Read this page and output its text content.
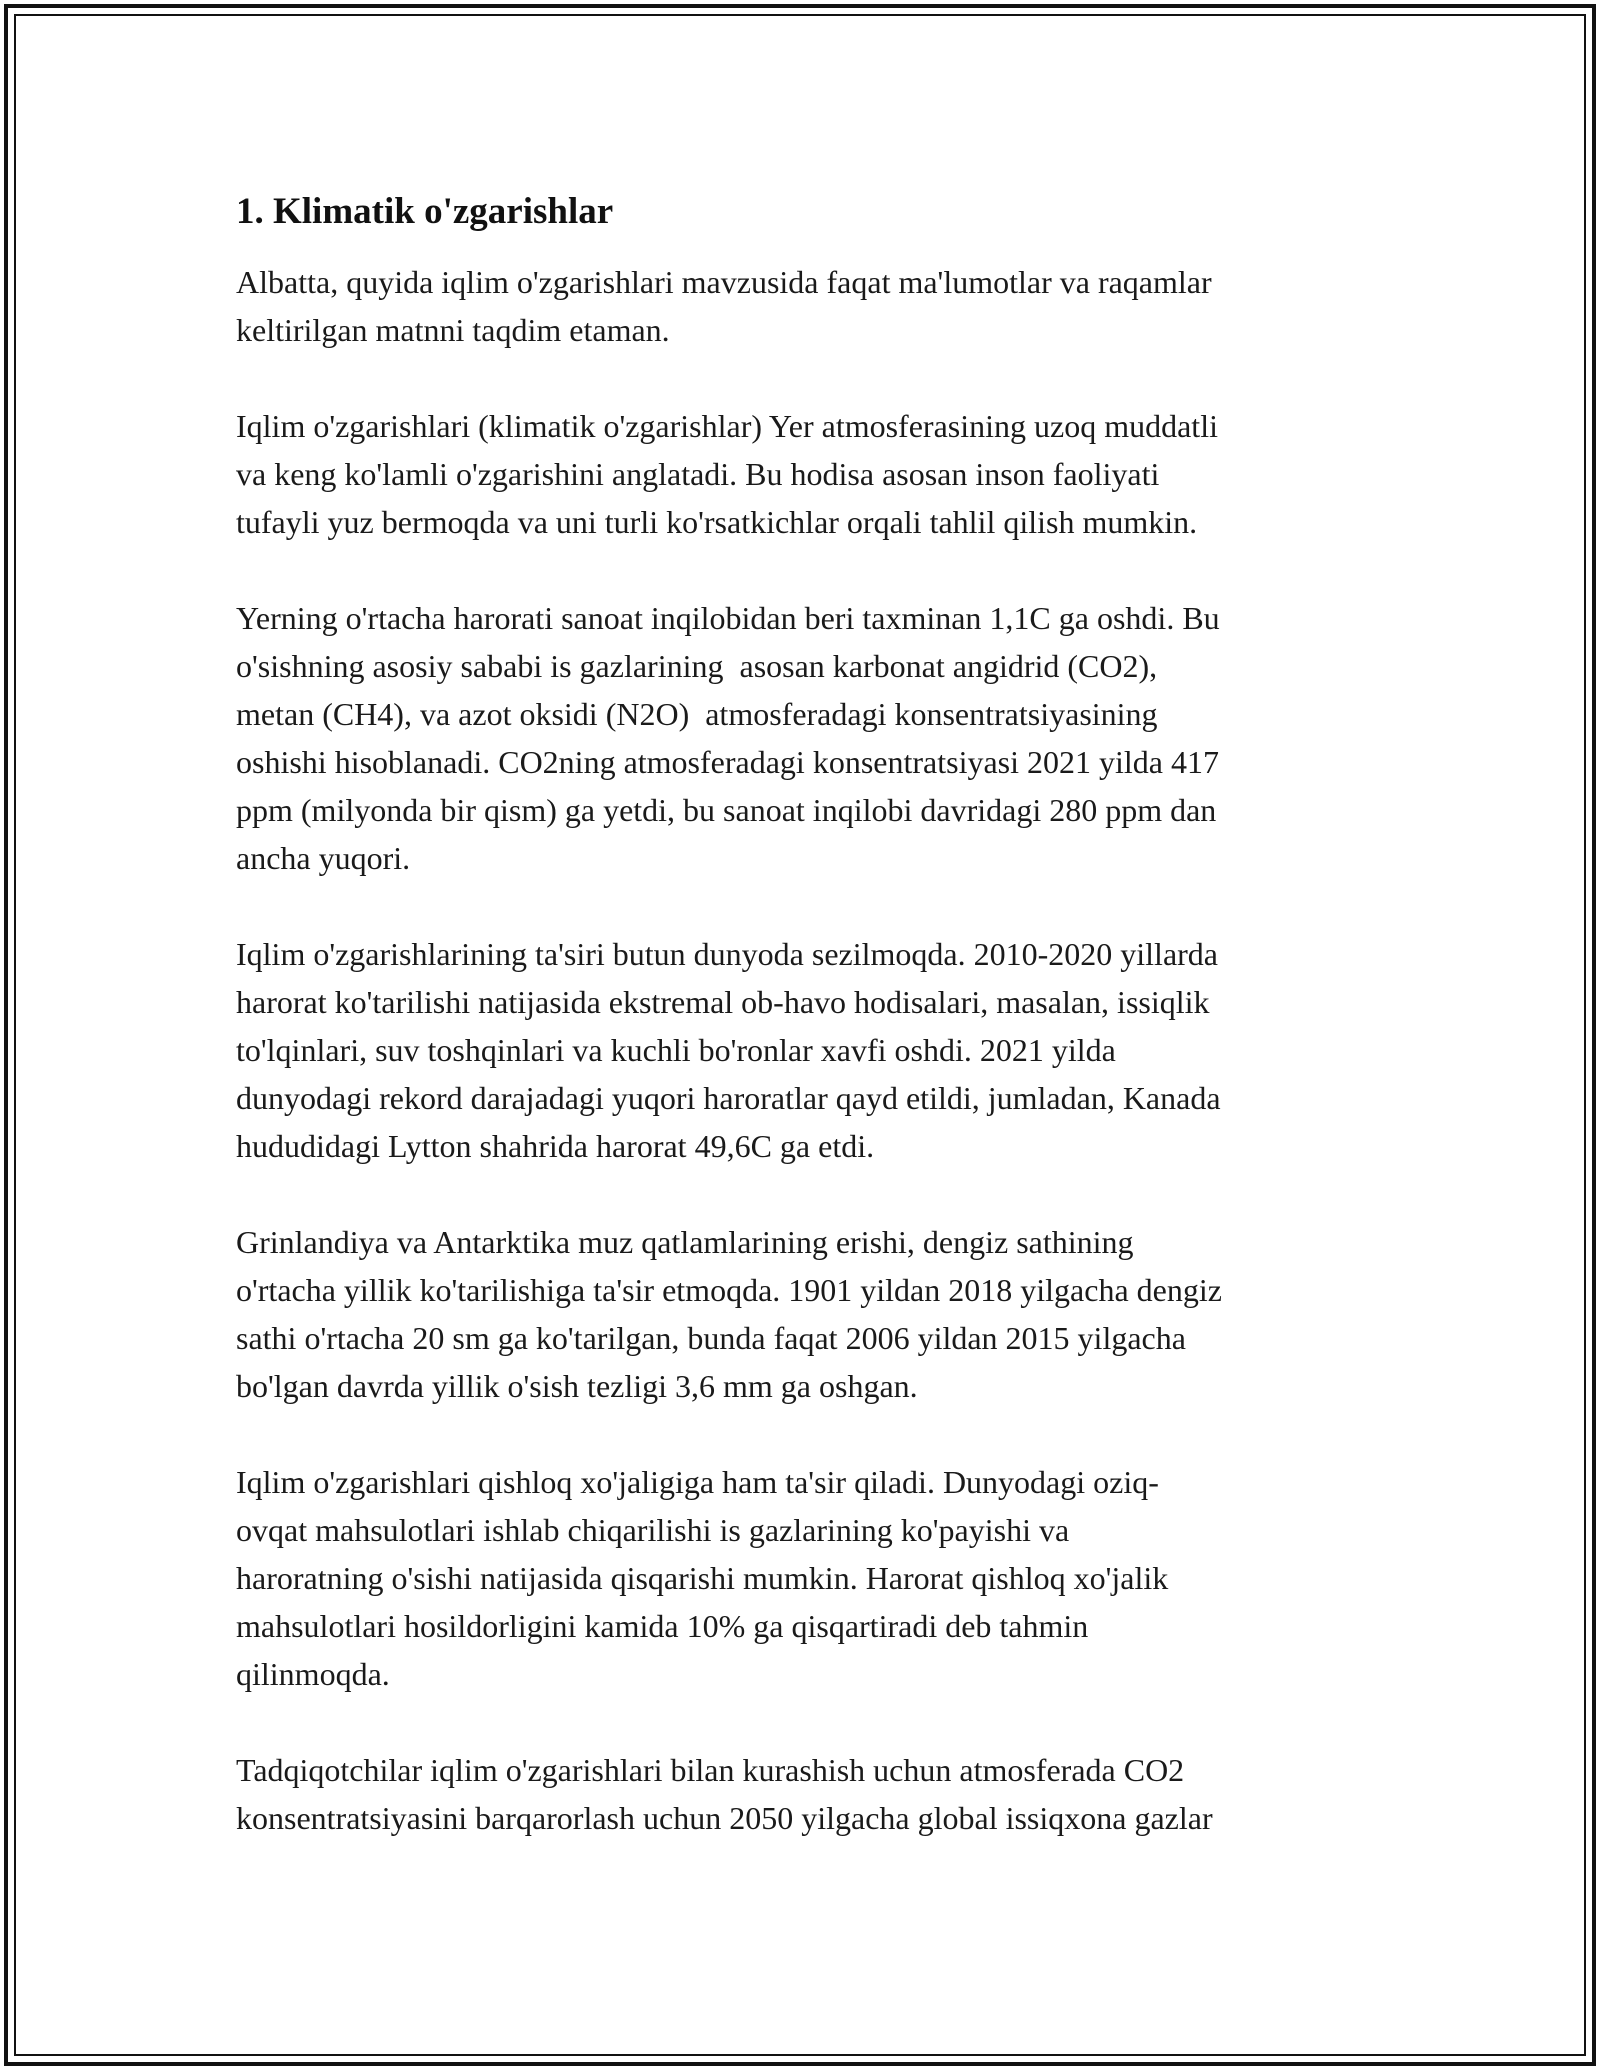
1. Klimatik o'zgarishlar

Albatta, quyida iqlim o'zgarishlari mavzusida faqat ma'lumotlar va raqamlar
keltirilgan matnni taqdim etaman.

Iqlim o'zgarishlari (klimatik o'zgarishlar) Yer atmosferasining uzoq muddatli
va keng ko'lamli o'zgarishini anglatadi. Bu hodisa asosan inson faoliyati
tufayli yuz bermoqda va uni turli ko'rsatkichlar orqali tahlil qilish mumkin.

Yerning o'rtacha harorati sanoat inqilobidan beri taxminan 1,1C ga oshdi. Bu
o'sishning asosiy sababi is gazlarining  asosan karbonat angidrid (CO2),
metan (CH4), va azot oksidi (N2O)  atmosferadagi konsentratsiyasining
oshishi hisoblanadi. CO2ning atmosferadagi konsentratsiyasi 2021 yilda 417
ppm (milyonda bir qism) ga yetdi, bu sanoat inqilobi davridagi 280 ppm dan
ancha yuqori.

Iqlim o'zgarishlarining ta'siri butun dunyoda sezilmoqda. 2010-2020 yillarda
harorat ko'tarilishi natijasida ekstremal ob-havo hodisalari, masalan, issiqlik
to'lqinlari, suv toshqinlari va kuchli bo'ronlar xavfi oshdi. 2021 yilda
dunyodagi rekord darajadagi yuqori haroratlar qayd etildi, jumladan, Kanada
hududidagi Lytton shahrida harorat 49,6C ga etdi.

Grinlandiya va Antarktika muz qatlamlarining erishi, dengiz sathining
o'rtacha yillik ko'tarilishiga ta'sir etmoqda. 1901 yildan 2018 yilgacha dengiz
sathi o'rtacha 20 sm ga ko'tarilgan, bunda faqat 2006 yildan 2015 yilgacha
bo'lgan davrda yillik o'sish tezligi 3,6 mm ga oshgan.

Iqlim o'zgarishlari qishloq xo'jaligiga ham ta'sir qiladi. Dunyodagi oziq-
ovqat mahsulotlari ishlab chiqarilishi is gazlarining ko'payishi va
haroratning o'sishi natijasida qisqarishi mumkin. Harorat qishloq xo'jalik
mahsulotlari hosildorligini kamida 10% ga qisqartiradi deb tahmin
qilinmoqda.

Tadqiqotchilar iqlim o'zgarishlari bilan kurashish uchun atmosferada CO2
konsentratsiyasini barqarorlash uchun 2050 yilgacha global issiqxona gazlar
